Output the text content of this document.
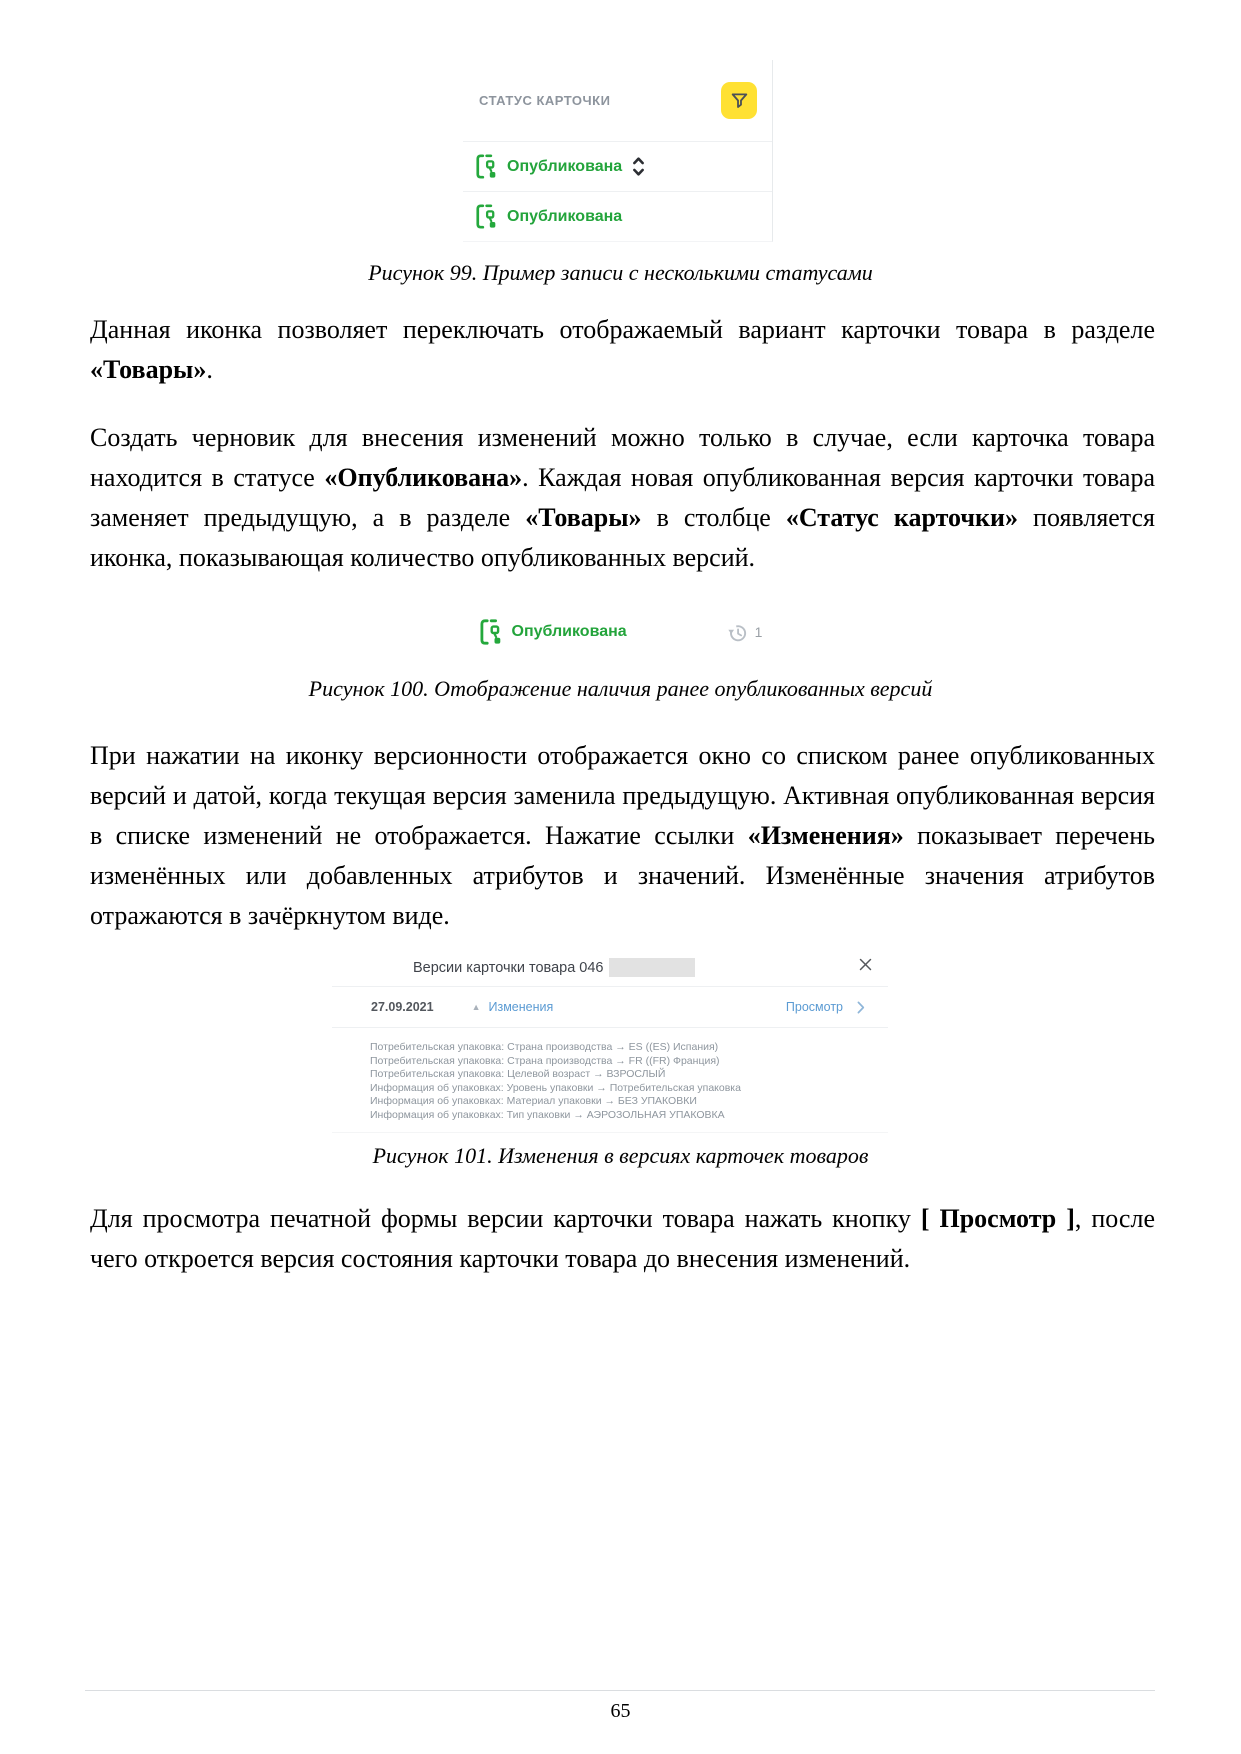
СТАТУС КАРТОЧКИ
Опубликована
Опубликована
Рисунок 99. Пример записи с несколькими статусами
Данная иконка позволяет переключать отображаемый вариант карточки товара в разделе «Товары».
Создать черновик для внесения изменений можно только в случае, если карточка товара находится в статусе «Опубликована». Каждая новая опубликованная версия карточки товара заменяет предыдущую, а в разделе «Товары» в столбце «Статус карточки» появляется иконка, показывающая количество опубликованных версий.
Опубликована	1
Рисунок 100. Отображение наличия ранее опубликованных версий
При нажатии на иконку версионности отображается окно со списком ранее опубликованных версий и датой, когда текущая версия заменила предыдущую. Активная опубликованная версия в списке изменений не отображается. Нажатие ссылки «Изменения» показывает перечень изменённых или добавленных атрибутов и значений. Изменённые значения атрибутов отражаются в зачёркнутом виде.
Версии карточки товара 046
27.09.2021	▲ Изменения	Просмотр
Потребительская упаковка: Страна производства → ES ((ES) Испания)
Потребительская упаковка: Страна производства → FR ((FR) Франция)
Потребительская упаковка: Целевой возраст → ВЗРОСЛЫЙ
Информация об упаковках: Уровень упаковки → Потребительская упаковка
Информация об упаковках: Материал упаковки → БЕЗ УПАКОВКИ
Информация об упаковках: Тип упаковки → АЭРОЗОЛЬНАЯ УПАКОВКА
Рисунок 101. Изменения в версиях карточек товаров
Для просмотра печатной формы версии карточки товара нажать кнопку [ Просмотр ], после чего откроется версия состояния карточки товара до внесения изменений.
65
